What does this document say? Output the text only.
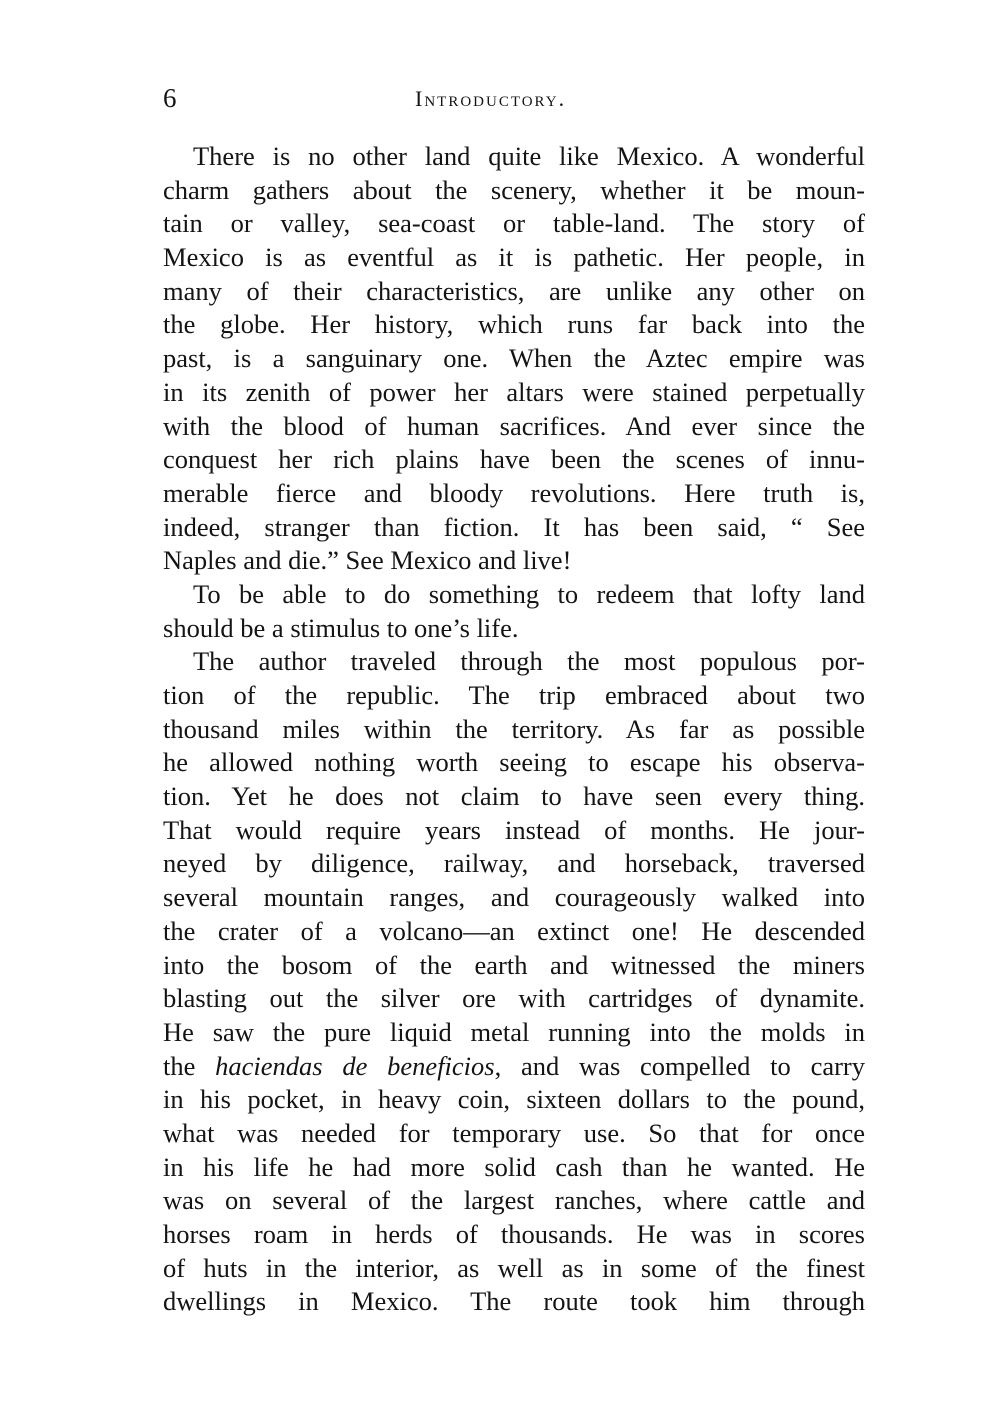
6	Introductory.
There is no other land quite like Mexico. A wonderful
charm gathers about the scenery, whether it be moun-
tain or valley, sea-coast or table-land. The story of
Mexico is as eventful as it is pathetic. Her people, in
many of their characteristics, are unlike any other on
the globe. Her history, which runs far back into the
past, is a sanguinary one. When the Aztec empire was
in its zenith of power her altars were stained perpetually
with the blood of human sacrifices. And ever since the
conquest her rich plains have been the scenes of innu-
merable fierce and bloody revolutions. Here truth is,
indeed, stranger than fiction. It has been said, “ See
Naples and die.” See Mexico and live!
To be able to do something to redeem that lofty land
should be a stimulus to one’s life.
The author traveled through the most populous por-
tion of the republic. The trip embraced about two
thousand miles within the territory. As far as possible
he allowed nothing worth seeing to escape his observa-
tion. Yet he does not claim to have seen every thing.
That would require years instead of months. He jour-
neyed by diligence, railway, and horseback, traversed
several mountain ranges, and courageously walked into
the crater of a volcano—an extinct one! He descended
into the bosom of the earth and witnessed the miners
blasting out the silver ore with cartridges of dynamite.
He saw the pure liquid metal running into the molds in
the haciendas de beneficios, and was compelled to carry
in his pocket, in heavy coin, sixteen dollars to the pound,
what was needed for temporary use. So that for once
in his life he had more solid cash than he wanted. He
was on several of the largest ranches, where cattle and
horses roam in herds of thousands. He was in scores
of huts in the interior, as well as in some of the finest
dwellings in Mexico. The route took him through
